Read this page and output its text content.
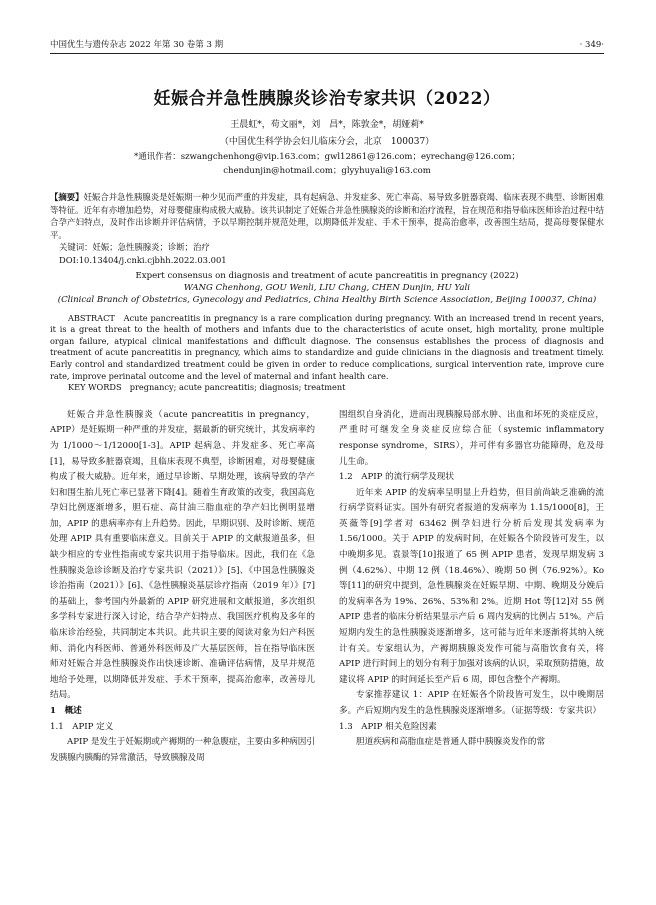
中国优生与遗传杂志 2022 年第 30 卷第 3 期	· 349·
妊娠合并急性胰腺炎诊治专家共识（2022）
王晨虹*，苟文丽*，刘　昌*，陈敦金*，胡娅莉*
（中国优生科学协会妇儿临床分会，北京　100037）
*通讯作者：szwangchenhong@vip.163.com；gwl12861@126.com；eyrechang@126.com；
chendunjin@hotmail.com；glyyhuyali@163.com
【摘要】妊娠合并急性胰腺炎是妊娠期一种少见而严重的并发症，具有起病急、并发症多、死亡率高、易导致多脏器衰竭、临床表现不典型、诊断困难等特征。近年有亦增加趋势，对母婴健康构成极大威胁。该共识制定了妊娠合并急性胰腺炎的诊断和治疗流程，旨在规范和指导临床医师诊治过程中结合孕产妇特点，及时作出诊断并评估病情，予以早期控制并规范处理，以期降低并发症、手术干预率，提高治愈率，改善围生结局，提高母婴保健水平。
关键词：妊娠；急性胰腺炎；诊断；治疗
DOI:10.13404/j.cnki.cjbhh.2022.03.001
Expert consensus on diagnosis and treatment of acute pancreatitis in pregnancy (2022)
WANG Chenhong, GOU Wenli, LIU Chang, CHEN Dunjin, HU Yali
(Clinical Branch of Obstetrics, Gynecology and Pediatrics, China Healthy Birth Science Association, Beijing 100037, China)
ABSTRACT　Acute pancreatitis in pregnancy is a rare complication during pregnancy. With an increased trend in recent years, it is a great threat to the health of mothers and infants due to the characteristics of acute onset, high mortality, prone multiple organ failure, atypical clinical manifestations and difficult diagnose. The consensus establishes the process of diagnosis and treatment of acute pancreatitis in pregnancy, which aims to standardize and guide clinicians in the diagnosis and treatment timely. Early control and standardized treatment could be given in order to reduce complications, surgical intervention rate, improve cure rate, improve perinatal outcome and the level of maternal and infant health care.
KEY WORDS　pregnancy; acute pancreatitis; diagnosis; treatment

妊娠合并急性胰腺炎（acute pancreatitis in pregnancy，APIP）是妊娠期一种严重的并发症，据最新的研究统计，其发病率约为 1/1000～1/12000[1-3]。APIP 起病急、并发症多、死亡率高[1]，易导致多脏器衰竭，且临床表现不典型，诊断困难，对母婴健康构成了极大威胁。近年来，通过早诊断、早期处理，该病导致的孕产妇和围生胎儿死亡率已显著下降[4]。随着生育政策的改变，我国高危孕妇比例逐渐增多，胆石症、高甘油三脂血症的孕产妇比例明显增加，APIP 的患病率亦有上升趋势。因此，早期识别、及时诊断、规范处理 APIP 具有重要临床意义。目前关于 APIP 的文献报道虽多，但缺少相应的专业性指南或专家共识用于指导临床。因此，我们在《急性胰腺炎急诊诊断及治疗专家共识（2021）》[5]、《中国急性胰腺炎诊治指南（2021）》[6]、《急性胰腺炎基层诊疗指南（2019 年）》[7]的基础上，参考国内外最新的 APIP 研究进展和文献报道，多次组织多学科专家进行深入讨论，结合孕产妇特点、我国医疗机构及多年的临床诊治经验，共同制定本共识。此共识主要的阅读对象为妇产科医师、消化内科医师、普通外科医师及广大基层医师，旨在指导临床医师对妊娠合并急性胰腺炎作出快速诊断、准确评估病情，及早并规范地给予处理，以期降低并发症、手术干预率，提高治愈率，改善母儿结局。

1　概述
1.1　APIP 定义

APIP 是发生于妊娠期或产褥期的一种急腹症，主要由多种病因引发胰腺内胰酶的异常激活，导致胰腺及周

围组织自身消化，进而出现胰腺局部水肿、出血和坏死的炎症反应，严重时可继发全身炎症反应综合征（systemic inflammatory response syndrome，SIRS），并可伴有多器官功能障碍，危及母儿生命。

1.2　APIP 的流行病学及现状

近年来 APIP 的发病率呈明显上升趋势，但目前尚缺乏准确的流行病学资料证实。国外有研究者报道的发病率为 1.15/1000[8]，王英薇等[9]学者对 63462 例孕妇进行分析后发现其发病率为 1.56/1000。关于 APIP 的发病时间，在妊娠各个阶段皆可发生，以中晚期多见。袁景等[10]报道了 65 例 APIP 患者，发现早期发病 3 例（4.62%）、中期 12 例（18.46%）、晚期 50 例（76.92%）。Ko 等[11]的研究中提到，急性胰腺炎在妊娠早期、中期、晚期及分娩后的发病率各为 19%、26%、53%和 2%。近期 Hot 等[12]对 55 例 APIP 患者的临床分析结果显示产后 6 周内发病的比例占 51%。产后短期内发生的急性胰腺炎逐渐增多，这可能与近年来逐渐将其纳入统计有关。专家组认为，产褥期胰腺炎发作可能与高脂饮食有关，将 APIP 进行时间上的划分有利于加强对该病的认识，采取预防措施，故建议将 APIP 的时间延长至产后 6 周，即包含整个产褥期。

专家推荐建议 1：APIP 在妊娠各个阶段皆可发生，以中晚期居多。产后短期内发生的急性胰腺炎逐渐增多。（证据等级：专家共识）

1.3　APIP 相关危险因素

胆道疾病和高脂血症是普通人群中胰腺炎发作的常
